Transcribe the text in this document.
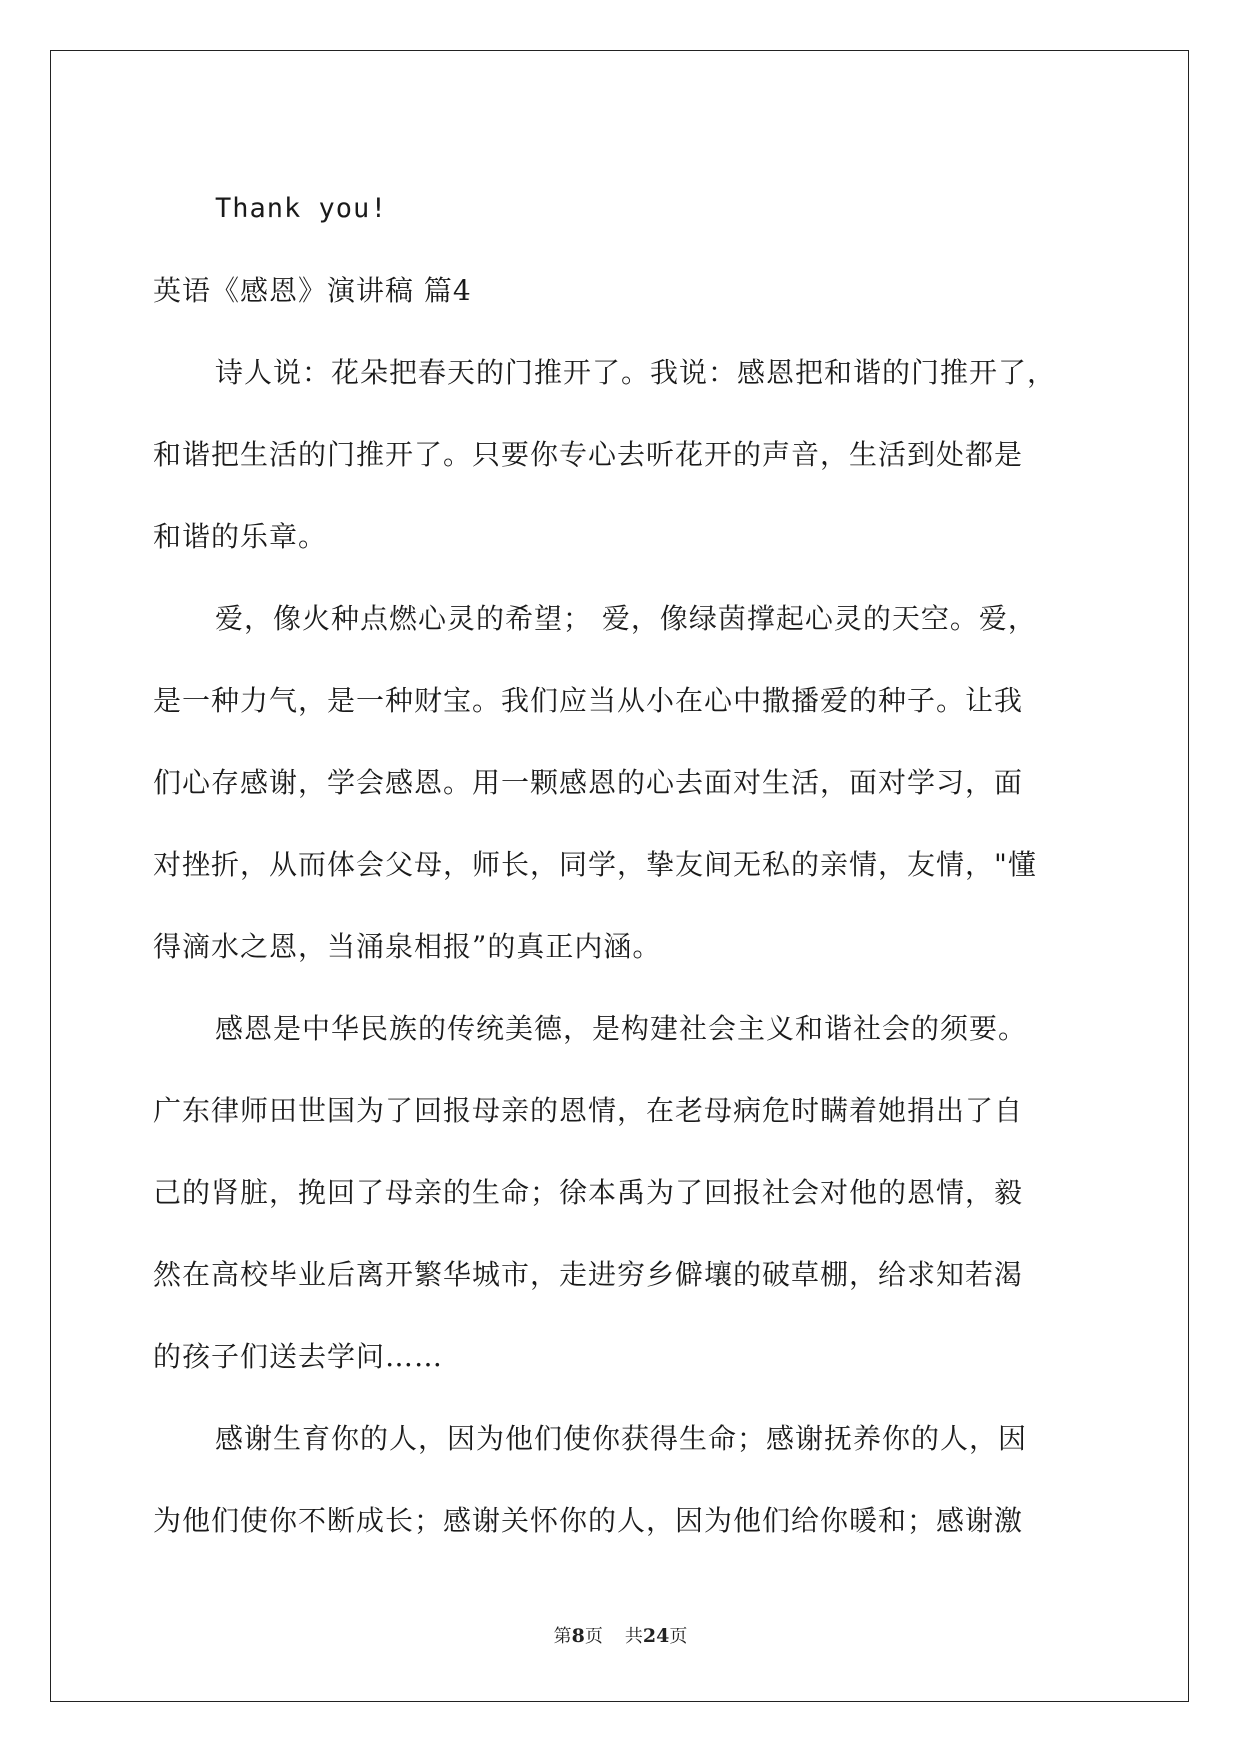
Thank you!
英语《感恩》演讲稿 篇4
诗人说：花朵把春天的门推开了。我说：感恩把和谐的门推开了，
和谐把生活的门推开了。只要你专心去听花开的声音，生活到处都是
和谐的乐章。
爱，像火种点燃心灵的希望； 爱，像绿茵撑起心灵的天空。爱，
是一种力气，是一种财宝。我们应当从小在心中撒播爱的种子。让我
们心存感谢，学会感恩。用一颗感恩的心去面对生活，面对学习，面
对挫折，从而体会父母，师长，同学，挚友间无私的亲情，友情，"懂
得滴水之恩，当涌泉相报”的真正内涵。
感恩是中华民族的传统美德，是构建社会主义和谐社会的须要。
广东律师田世国为了回报母亲的恩情，在老母病危时瞒着她捐出了自
己的肾脏，挽回了母亲的生命；徐本禹为了回报社会对他的恩情，毅
然在高校毕业后离开繁华城市，走进穷乡僻壤的破草棚，给求知若渴
的孩子们送去学问……
感谢生育你的人，因为他们使你获得生命；感谢抚养你的人，因
为他们使你不断成长；感谢关怀你的人，因为他们给你暖和；感谢激
第8页 共24页
